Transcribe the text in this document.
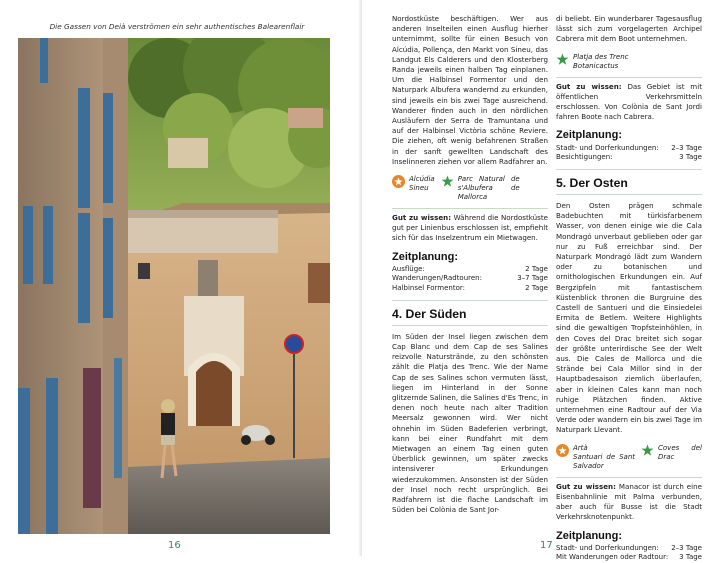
Die Gassen von Deià verströmen ein sehr authentisches Balearenflair
16

Nordostküste beschäftigen. Wer aus anderen Inselteilen einen Ausflug hierher unternimmt, sollte für einen Besuch von Alcúdia, Pollença, den Markt von Sineu, das Landgut Els Calderers und den Klosterberg Randa jeweils einen halben Tag einplanen. Um die Halbinsel Formentor und den Naturpark Albufera wandernd zu erkunden, sind jeweils ein bis zwei Tage ausreichend. Wanderer finden auch in den nördlichen Ausläufern der Serra de Tramuntana und auf der Halbinsel Victòria schöne Reviere. Die ziehen, oft wenig befahrenen Straßen in der sanft gewellten Landschaft des Inselinneren ziehen vor allem Radfahrer an.

Alcúdia
Sineu
Parc Natural de s'Albufera de Mallorca

Gut zu wissen: Während die Nordostküste gut per Linienbus erschlossen ist, empfiehlt sich für das Inselzentrum ein Mietwagen.

Zeitplanung:
Ausflüge:	2 Tage
Wanderungen/Radtouren:	3–7 Tage
Halbinsel Formentor:	2 Tage
4. Der Süden

Im Süden der Insel liegen zwischen dem Cap Blanc und dem Cap de ses Salines reizvolle Naturstrände, zu den schönsten zählt die Platja des Trenc. Wie der Name Cap de ses Salines schon vermuten lässt, liegen im Hinterland in der Sonne glitzernde Salinen, die Salines d'Es Trenc, in denen noch heute nach alter Tradition Meersalz gewonnen wird. Wer nicht ohnehin im Süden Badeferien verbringt, kann bei einer Rundfahrt mit dem Mietwagen an einem Tag einen guten Überblick gewinnen, um später zwecks intensiverer Erkundungen wiederzukommen. Ansonsten ist der Süden der Insel noch recht ursprünglich. Bei Radfahrern ist die flache Landschaft im Süden bei Colònia de Sant Jor-

di beliebt. Ein wunderbarer Tagesausflug lässt sich zum vorgelagerten Archipel Cabrera mit dem Boot unternehmen.

Platja des Trenc
Botanicactus

Gut zu wissen: Das Gebiet ist mit öffentlichen Verkehrsmitteln erschlossen. Von Colònia de Sant Jordi fahren Boote nach Cabrera.

Zeitplanung:
Stadt- und Dorferkundungen: 2–3 Tage
Besichtigungen:	3 Tage
5. Der Osten

Den Osten prägen schmale Badebuchten mit türkisfarbenem Wasser, von denen einige wie die Cala Mondragó unverbaut geblieben oder gar nur zu Fuß erreichbar sind. Der Naturpark Mondragó lädt zum Wandern oder zu botanischen und ornithologischen Erkundungen ein. Auf Bergzipfeln mit fantastischem Küstenblick thronen die Burgruine des Castell de Santueri und die Einsiedelei Ermita de Betlem. Weitere Highlights sind die gewaltigen Tropfsteinhöhlen, in den Coves del Drac breitet sich sogar der größte unterirdische See der Welt aus. Die Cales de Mallorca und die Strände bei Cala Millor sind in der Hauptbadesaison ziemlich überlaufen, aber in kleinen Cales kann man noch ruhige Plätzchen finden. Aktive unternehmen eine Radtour auf der Via Verde oder wandern ein bis zwei Tage im Naturpark Llevant.

Artà
Santuari de Sant Salvador
Coves del Drac

Gut zu wissen: Manacor ist durch eine Eisenbahnlinie mit Palma verbunden, aber auch für Busse ist die Stadt Verkehrsknotenpunkt.

Zeitplanung:
Stadt- und Dorferkundungen: 2–3 Tage
Mit Wanderungen oder Radtour: 3 Tage
17
